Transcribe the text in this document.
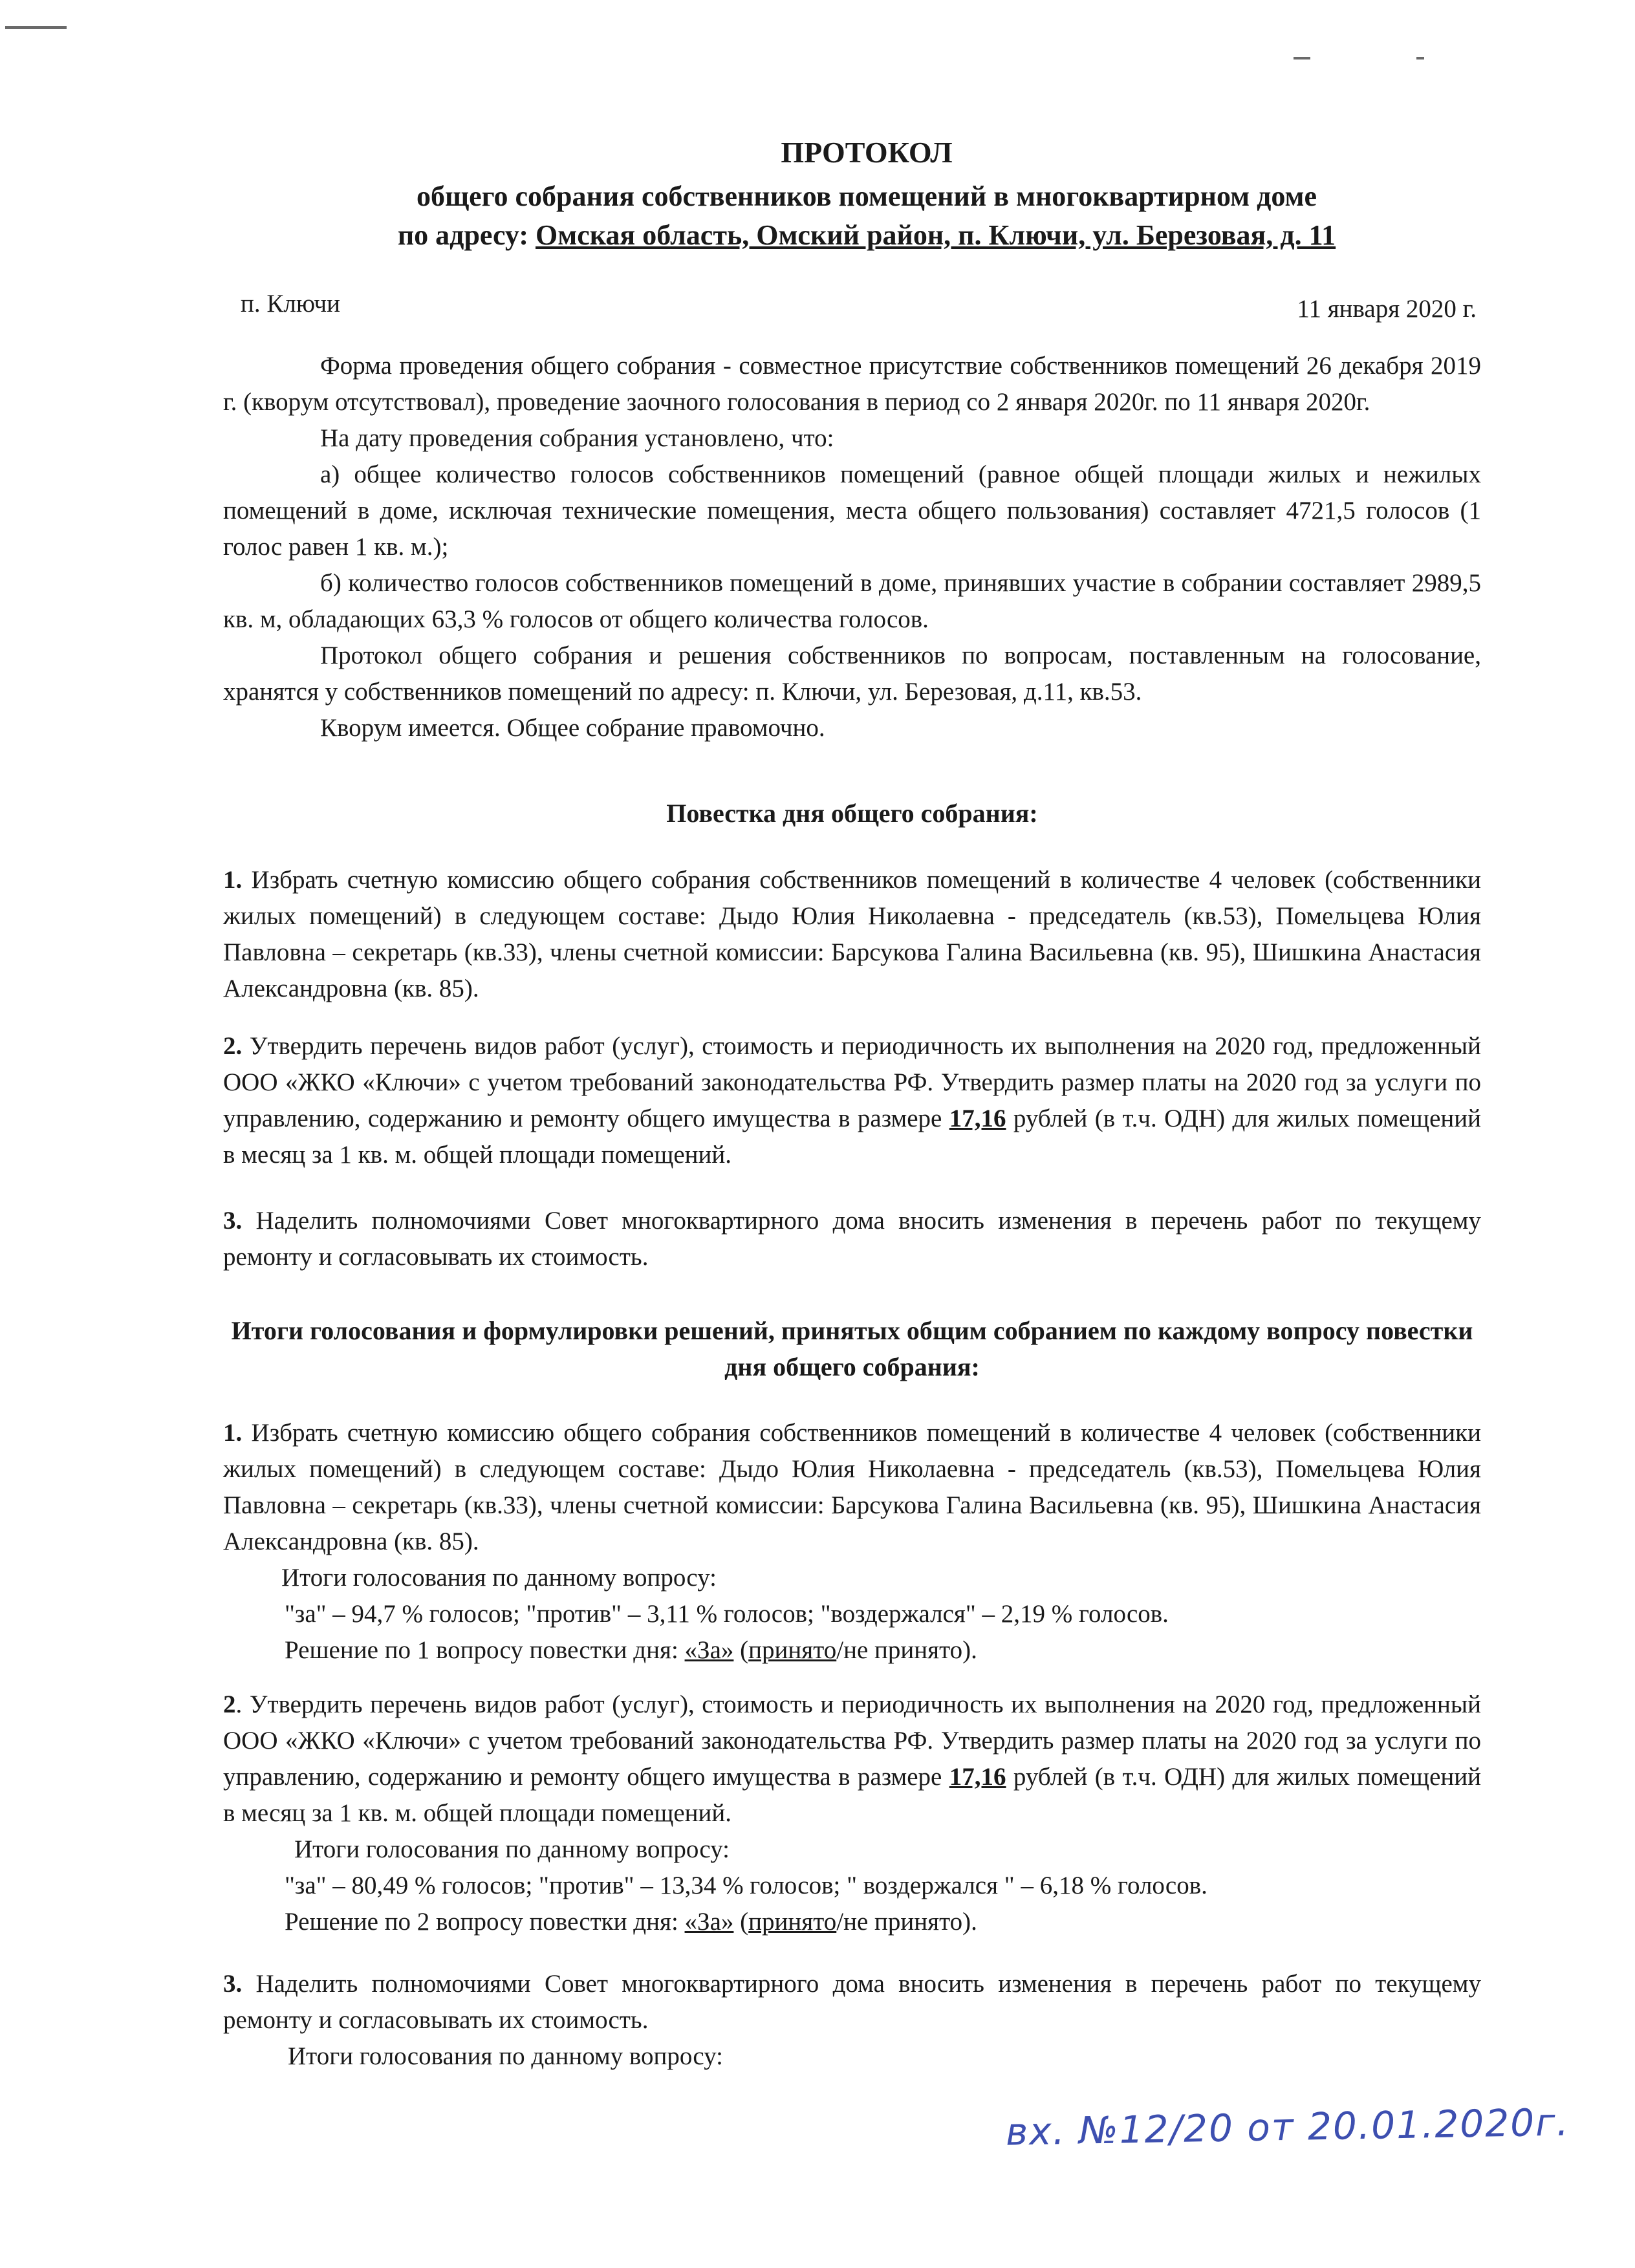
ПРОТОКОЛ
общего собрания собственников помещений в многоквартирном доме
по адресу: Омская область, Омский район, п. Ключи, ул. Березовая, д. 11
п. Ключи	11 января 2020 г.
Форма проведения общего собрания - совместное присутствие собственников помещений 26 декабря 2019 г. (кворум отсутствовал), проведение заочного голосования в период со 2 января 2020г. по 11 января 2020г.
На дату проведения собрания установлено, что:
а) общее количество голосов собственников помещений (равное общей площади жилых и нежилых помещений в доме, исключая технические помещения, места общего пользования) составляет 4721,5 голосов (1 голос равен 1 кв. м.);
б) количество голосов собственников помещений в доме, принявших участие в собрании составляет 2989,5 кв. м, обладающих 63,3 % голосов от общего количества голосов.
Протокол общего собрания и решения собственников по вопросам, поставленным на голосование, хранятся у собственников помещений по адресу: п. Ключи, ул. Березовая, д.11, кв.53.
Кворум имеется. Общее собрание правомочно.
Повестка дня общего собрания:
1. Избрать счетную комиссию общего собрания собственников помещений в количестве 4 человек (собственники жилых помещений) в следующем составе: Дыдо Юлия Николаевна - председатель (кв.53), Помельцева Юлия Павловна – секретарь (кв.33), члены счетной комиссии: Барсукова Галина Васильевна (кв. 95), Шишкина Анастасия Александровна (кв. 85).
2. Утвердить перечень видов работ (услуг), стоимость и периодичность их выполнения на 2020 год, предложенный ООО «ЖКО «Ключи» с учетом требований законодательства РФ. Утвердить размер платы на 2020 год за услуги по управлению, содержанию и ремонту общего имущества в размере 17,16 рублей (в т.ч. ОДН) для жилых помещений в месяц за 1 кв. м. общей площади помещений.
3. Наделить полномочиями Совет многоквартирного дома вносить изменения в перечень работ по текущему ремонту и согласовывать их стоимость.
Итоги голосования и формулировки решений, принятых общим собранием по каждому вопросу повестки дня общего собрания:
1. Избрать счетную комиссию общего собрания собственников помещений в количестве 4 человек (собственники жилых помещений) в следующем составе: Дыдо Юлия Николаевна - председатель (кв.53), Помельцева Юлия Павловна – секретарь (кв.33), члены счетной комиссии: Барсукова Галина Васильевна (кв. 95), Шишкина Анастасия Александровна (кв. 85).
Итоги голосования по данному вопросу:
"за" – 94,7 % голосов; "против" – 3,11 % голосов; "воздержался" – 2,19 % голосов.
Решение по 1 вопросу повестки дня: «За» (принято/не принято).
2. Утвердить перечень видов работ (услуг), стоимость и периодичность их выполнения на 2020 год, предложенный ООО «ЖКО «Ключи» с учетом требований законодательства РФ. Утвердить размер платы на 2020 год за услуги по управлению, содержанию и ремонту общего имущества в размере 17,16 рублей (в т.ч. ОДН) для жилых помещений в месяц за 1 кв. м. общей площади помещений.
Итоги голосования по данному вопросу:
"за" – 80,49 % голосов; "против" – 13,34 % голосов; " воздержался " – 6,18 % голосов.
Решение по 2 вопросу повестки дня: «За» (принято/не принято).
3. Наделить полномочиями Совет многоквартирного дома вносить изменения в перечень работ по текущему ремонту и согласовывать их стоимость.
Итоги голосования по данному вопросу:
вх. №12/20 от 20.01.2020г.
